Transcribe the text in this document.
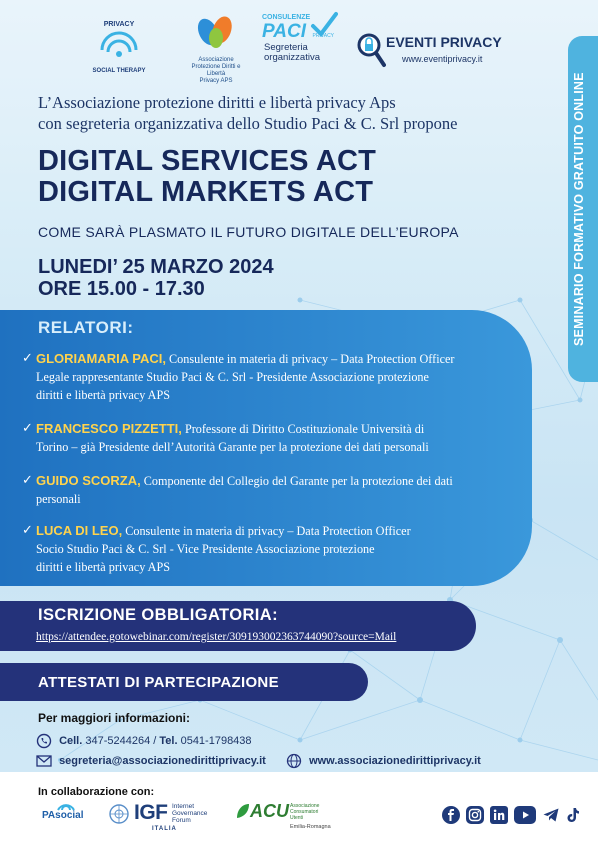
PRIVACY
SOCIAL THERAPY
Associazione
Protezione Diritti e Libertà
Privacy APS
CONSULENZE
PACI PRIVACY
Segreteria
organizzativa
EVENTI PRIVACY
www.eventiprivacy.it
SEMINARIO FORMATIVO GRATUITO ONLINE
L’Associazione protezione diritti e libertà privacy Aps
con segreteria organizzativa dello Studio Paci & C. Srl propone
DIGITAL SERVICES ACT
DIGITAL MARKETS ACT
COME SARÀ PLASMATO IL FUTURO DIGITALE DELL’EUROPA
LUNEDI’ 25 MARZO 2024
ORE 15.00 - 17.30
RELATORI:
✓ GLORIAMARIA PACI, Consulente in materia di privacy – Data Protection Officer
Legale rappresentante Studio Paci & C. Srl - Presidente Associazione protezione
diritti e libertà privacy APS
✓ FRANCESCO PIZZETTI, Professore di Diritto Costituzionale Università di
Torino – già Presidente dell’Autorità Garante per la protezione dei dati personali
✓ GUIDO SCORZA, Componente del Collegio del Garante per la protezione dei dati
personali
✓ LUCA DI LEO, Consulente in materia di privacy – Data Protection Officer
Socio Studio Paci & C. Srl - Vice Presidente Associazione protezione
diritti e libertà privacy APS
ISCRIZIONE OBBLIGATORIA:
https://attendee.gotowebinar.com/register/309193002363744090?source=Mail
ATTESTATI DI PARTECIPAZIONE
Per maggiori informazioni:
Cell. 347-5244264 / Tel. 0541-1798438
segreteria@associazionedirittiprivacy.it	www.associazionedirittiprivacy.it
In collaborazione con:
PAsocial IGF Internet
Governance
Forum
ITALIA
ACU Associazione
Consumatori
Utenti
Emilia-Romagna
